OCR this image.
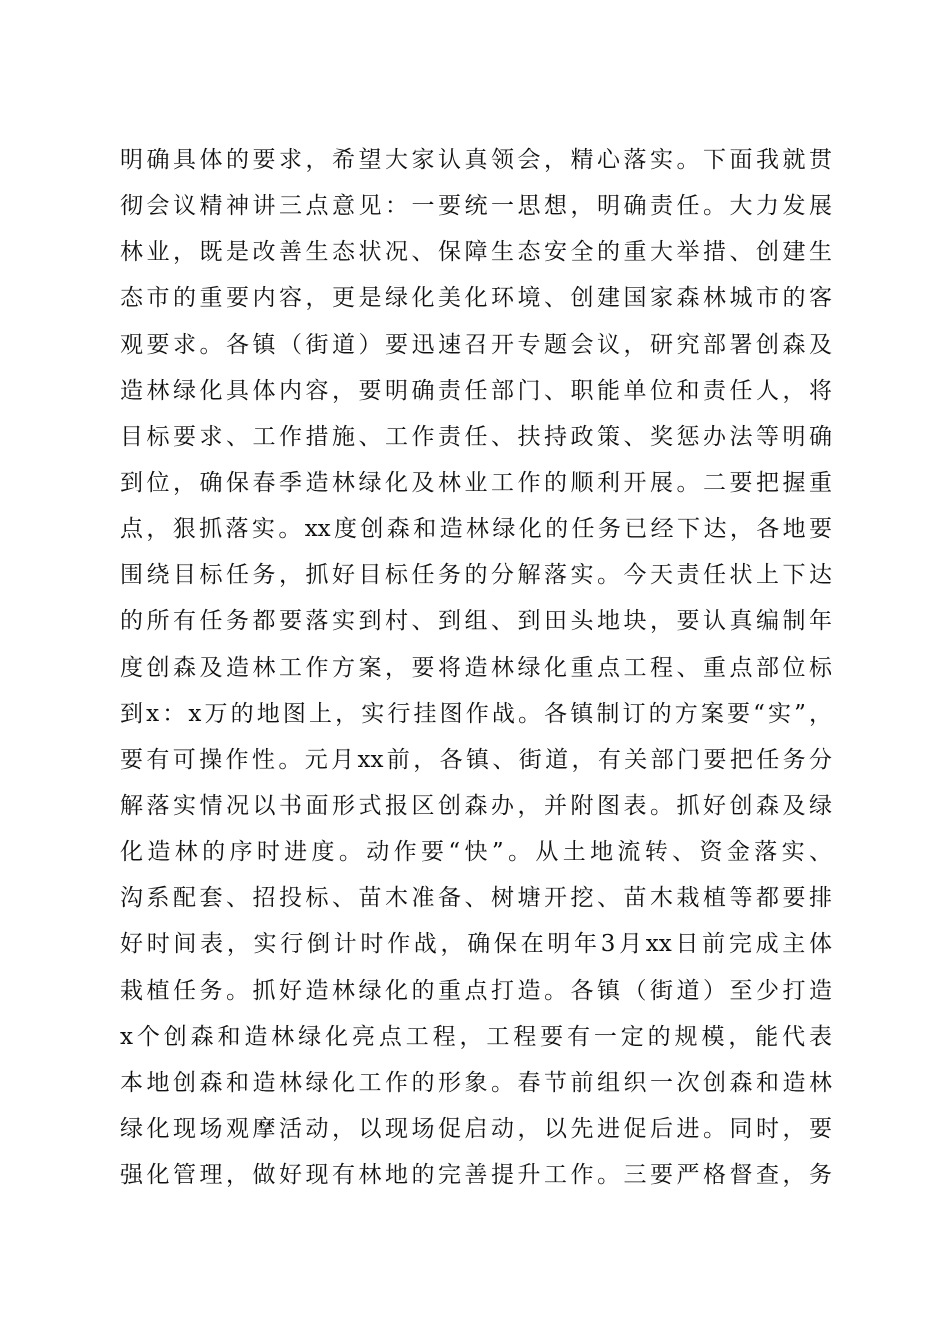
明确具体的要求，希望大家认真领会，精心落实。下面我就贯
彻会议精神讲三点意见：一要统一思想，明确责任。大力发展
林业，既是改善生态状况、保障生态安全的重大举措、创建生
态市的重要内容，更是绿化美化环境、创建国家森林城市的客
观要求。各镇（街道）要迅速召开专题会议，研究部署创森及
造林绿化具体内容，要明确责任部门、职能单位和责任人，将
目标要求、工作措施、工作责任、扶持政策、奖惩办法等明确
到位，确保春季造林绿化及林业工作的顺利开展。二要把握重
点，狠抓落实。xx度创森和造林绿化的任务已经下达，各地要
围绕目标任务，抓好目标任务的分解落实。今天责任状上下达
的所有任务都要落实到村、到组、到田头地块，要认真编制年
度创森及造林工作方案，要将造林绿化重点工程、重点部位标
到x：x万的地图上，实行挂图作战。各镇制订的方案要“实”，
要有可操作性。元月xx前，各镇、街道，有关部门要把任务分
解落实情况以书面形式报区创森办，并附图表。抓好创森及绿
化造林的序时进度。动作要“快”。从土地流转、资金落实、
沟系配套、招投标、苗木准备、树塘开挖、苗木栽植等都要排
好时间表，实行倒计时作战，确保在明年3月xx日前完成主体
栽植任务。抓好造林绿化的重点打造。各镇（街道）至少打造
x个创森和造林绿化亮点工程，工程要有一定的规模，能代表
本地创森和造林绿化工作的形象。春节前组织一次创森和造林
绿化现场观摩活动，以现场促启动，以先进促后进。同时，要
强化管理，做好现有林地的完善提升工作。三要严格督查，务
